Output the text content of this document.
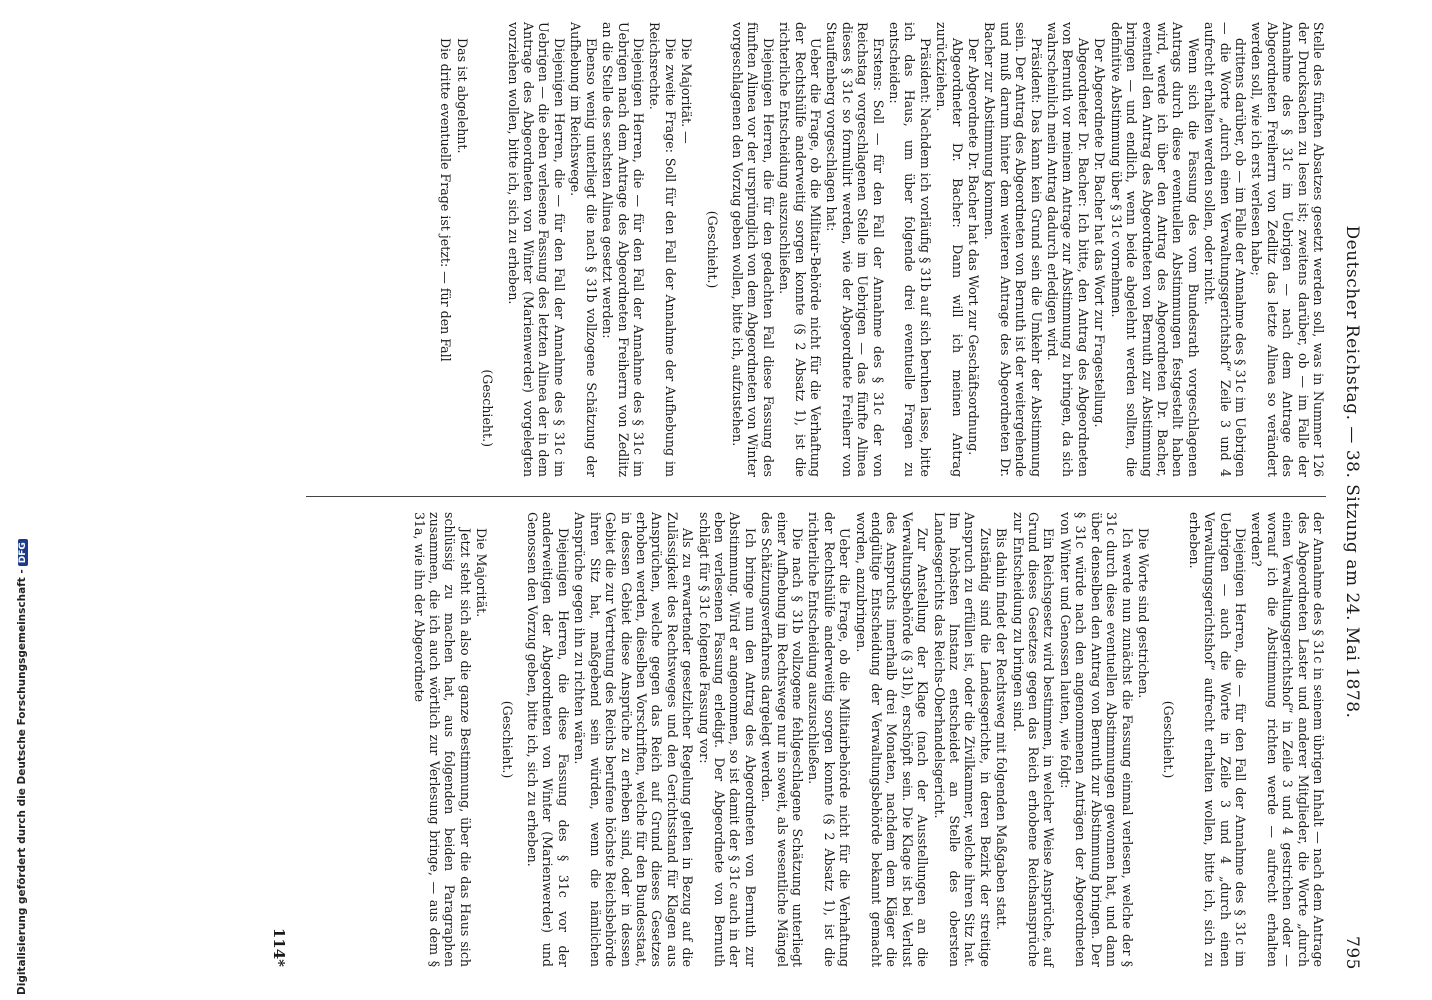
Digitalisierung gefördert durch die Deutsche Forschungsgemeinschaft -DFG	Deutscher Reichstag. — 38. Sitzung am 24. Mai 1878.
795

Stelle des fünften Absatzes gesetzt werden soll, was in Nummer 126 der Drucksachen zu lesen ist; zweitens darüber, ob — im Falle der Annahme des § 31c im Uebrigen — nach dem Antrage des Abgeordneten Freiherrn von Zedlitz das letzte Alinea so verändert werden soll, wie ich erst verlesen habe;

drittens darüber, ob — im Falle der Annahme des § 31c im Uebrigen — die Worte „durch einen Verwaltungsgerichtshof“ Zeile 3 und 4 aufrecht erhalten werden sollen, oder nicht.

Wenn sich die Fassung des vom Bundesrath vorgeschlagenen Antrags durch diese eventuellen Abstimmungen festgestellt haben wird, werde ich über den Antrag des Abgeordneten Dr. Bacher, eventuell den Antrag des Abgeordneten von Bernuth zur Abstimmung bringen — und endlich, wenn beide abgelehnt werden sollten, die definitive Abstimmung über § 31c vornehmen.

Der Abgeordnete Dr. Bacher hat das Wort zur Fragestellung.

Abgeordneter Dr. Bacher: Ich bitte, den Antrag des Abgeordneten von Bernuth vor meinem Antrage zur Abstimmung zu bringen, da sich wahrscheinlich mein Antrag dadurch erledigen wird.

Präsident: Das kann kein Grund sein die Umkehr der Abstimmung sein. Der Antrag des Abgeordneten von Bernuth ist der weitergehende und muß darum hinter dem weiteren Antrage des Abgeordneten Dr. Bacher zur Abstimmung kommen.

Der Abgeordnete Dr. Bacher hat das Wort zur Geschäftsordnung.

Abgeordneter Dr. Bacher: Dann will ich meinen Antrag zurückziehen.

Präsident: Nachdem ich vorläufig § 31b auf sich beruhen lasse, bitte ich das Haus, um über folgende drei eventuelle Fragen zu entscheiden:

Erstens: Soll — für den Fall der Annahme des § 31c der von Reichstag vorgeschlagenen Stelle im Uebrigen — das fünfte Alinea dieses § 31c so formulirt werden, wie der Abgeordnete Freiherr von Stauffenberg vorgeschlagen hat:

Ueber die Frage, ob die Militair-Behörde nicht für die Verhaftung der Rechtshülfe anderweitig sorgen konnte (§ 2 Absatz 1), ist die richterliche Entscheidung auszuschließen.

Diejenigen Herren, die für den gedachten Fall diese Fassung des fünften Alinea vor der ursprünglich von dem Abgeordneten von Winter vorgeschlagenen den Vorzug geben wollen, bitte ich, aufzustehen.

(Geschieht.)

Die Majorität. —

Die zweite Frage: Soll für den Fall der Annahme der Aufhebung im Reichsrechte.

Diejenigen Herren, die — für den Fall der Annahme des § 31c im Uebrigen nach dem Antrage des Abgeordneten Freiherrn von Zedlitz an die Stelle des sechsten Alinea gesetzt werden:

Ebenso wenig unterliegt die nach § 31b vollzogene Schätzung der Aufhebung im Reichswege.

Diejenigen Herren, die — für den Fall der Annahme des § 31c im Uebrigen — die eben verlesene Fassung des letzten Alinea der in dem Antrage des Abgeordneten von Winter (Marienwerder) vorgelegten vorziehen wollen, bitte ich, sich zu erheben.

(Geschieht.)

Das ist abgelehnt.

Die dritte eventuelle Frage ist jetzt: — für den Fall

der Annahme des § 31c in seinem übrigen Inhalt — nach dem Antrage des Abgeordneten Laster und anderer Mitglieder, die Worte „durch einen Verwaltungsgerichtshof“ in Zeile 3 und 4 gestrichen oder — worauf ich die Abstimmung richten werde — aufrecht erhalten werden?

Diejenigen Herren, die — für den Fall der Annahme des § 31c im Uebrigen — auch die Worte in Zeile 3 und 4 „durch einen Verwaltungsgerichtshof“ aufrecht erhalten wollen, bitte ich, sich zu erheben.

(Geschieht.)

Die Worte sind gestrichen.

Ich werde nun zunächst die Fassung einmal verlesen, welche der § 31c durch diese eventuellen Abstimmungen gewonnen hat, und dann über denselben den Antrag von Bernuth zur Abstimmung bringen. Der § 31c würde nach den angenommenen Anträgen der Abgeordneten von Winter und Genossen lauten, wie folgt:

Ein Reichsgesetz wird bestimmen, in welcher Weise Ansprüche, auf Grund dieses Gesetzes gegen das Reich erhobene Reichsansprüche zur Entscheidung zu bringen sind.

Bis dahin findet der Rechtsweg mit folgenden Maßgaben statt.

Zuständig sind die Landesgerichte, in deren Bezirk der streitige Anspruch zu erfüllen ist, oder die Zivilkammer, welche ihren Sitz hat. Im höchsten Instanz entscheidet an Stelle des obersten Landesgerichts das Reichs-Oberhandelsgericht.

Zur Anstellung der Klage (nach der Ausstellungen an die Verwaltungsbehörde (§ 31b), erschöpft sein. Die Klage ist bei Verlust des Anspruchs innerhalb drei Monaten, nachdem dem Kläger die endgültige Entscheidung der Verwaltungsbehörde bekannt gemacht worden, anzubringen.

Ueber die Frage, ob die Militairbehörde nicht für die Verhaftung der Rechtshülfe anderweitig sorgen konnte (§ 2 Absatz 1), ist die richterliche Entscheidung auszuschließen.

Die nach § 31b vollzogene fehlgeschlagene Schätzung unterliegt einer Aufhebung im Rechtswege nur in soweit, als wesentliche Mängel des Schätzungsverfahrens dargelegt werden.

Ich bringe nun den Antrag des Abgeordneten von Bernuth zur Abstimmung. Wird er angenommen, so ist damit der § 31c auch in der eben verlesenen Fassung erledigt. Der Abgeordnete von Bernuth schlägt für § 31c folgende Fassung vor:

Als zu erwartender gesetzlicher Regelung gelten in Bezug auf die Zulässigkeit des Rechtsweges und den Gerichtsstand für Klagen aus Ansprüchen, welche gegen das Reich auf Grund dieses Gesetzes erhoben werden, dieselben Vorschriften, welche für den Bundesstaat, in dessen Gebiet diese Ansprüche zu erheben sind, oder in dessen Gebiet die zur Vertretung des Reichs berufene höchste Reichsbehörde ihren Sitz hat, maßgebend sein würden, wenn die nämlichen Ansprüche gegen ihn zu richten wären.

Diejenigen Herren, die diese Fassung des § 31c vor der anderweitigen der Abgeordneten von Winter (Marienwerder) und Genossen den Vorzug geben, bitte ich, sich zu erheben.

(Geschieht.)

Die Majorität.

Jetzt steht sich also die ganze Bestimmung, über die das Haus sich schlüssig zu machen hat, aus folgenden beiden Paragraphen zusammen, die ich auch wörtlich zur Verlesung bringe, — aus dem § 31a, wie ihn der Abgeordnete

114*
